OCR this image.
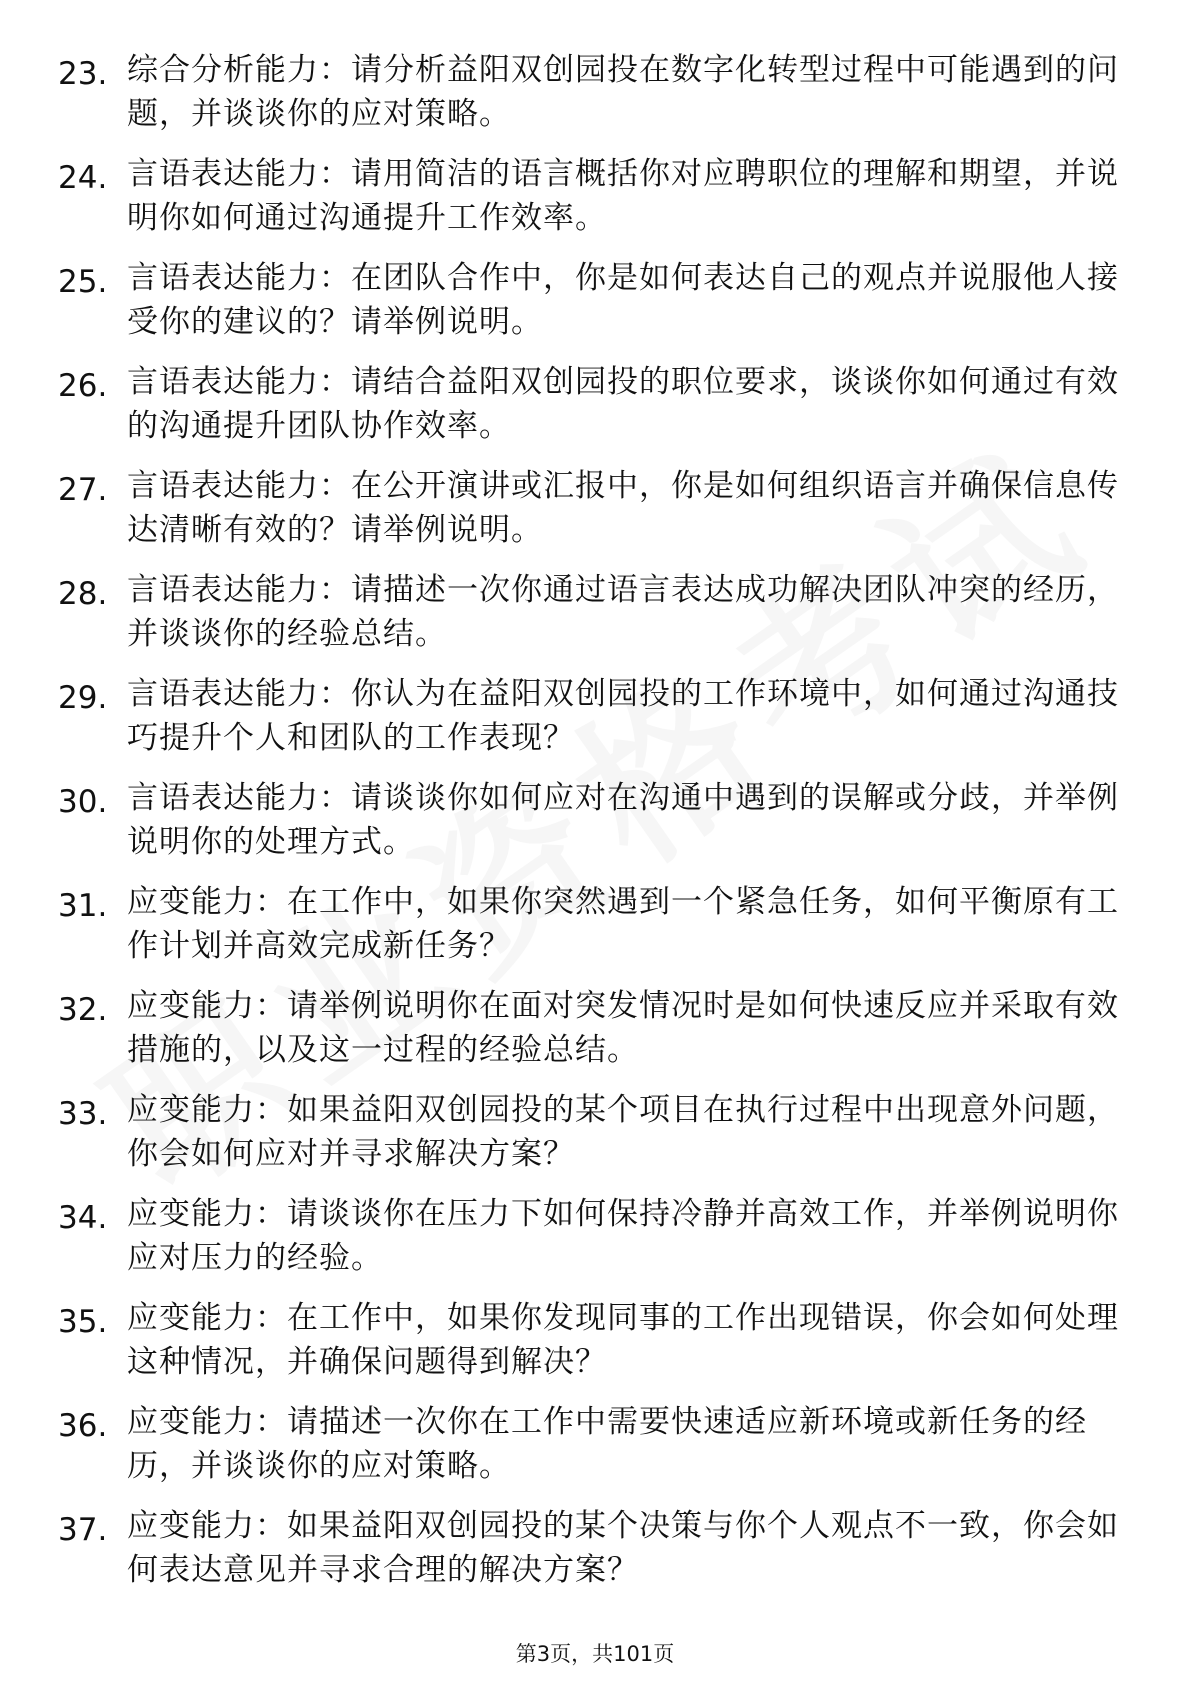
23. 综合分析能力：请分析益阳双创园投在数字化转型过程中可能遇到的问题，并谈谈你的应对策略。
24. 言语表达能力：请用简洁的语言概括你对应聘职位的理解和期望，并说明你如何通过沟通提升工作效率。
25. 言语表达能力：在团队合作中，你是如何表达自己的观点并说服他人接受你的建议的？请举例说明。
26. 言语表达能力：请结合益阳双创园投的职位要求，谈谈你如何通过有效的沟通提升团队协作效率。
27. 言语表达能力：在公开演讲或汇报中，你是如何组织语言并确保信息传达清晰有效的？请举例说明。
28. 言语表达能力：请描述一次你通过语言表达成功解决团队冲突的经历，并谈谈你的经验总结。
29. 言语表达能力：你认为在益阳双创园投的工作环境中，如何通过沟通技巧提升个人和团队的工作表现？
30. 言语表达能力：请谈谈你如何应对在沟通中遇到的误解或分歧，并举例说明你的处理方式。
31. 应变能力：在工作中，如果你突然遇到一个紧急任务，如何平衡原有工作计划并高效完成新任务？
32. 应变能力：请举例说明你在面对突发情况时是如何快速反应并采取有效措施的，以及这一过程的经验总结。
33. 应变能力：如果益阳双创园投的某个项目在执行过程中出现意外问题，你会如何应对并寻求解决方案？
34. 应变能力：请谈谈你在压力下如何保持冷静并高效工作，并举例说明你应对压力的经验。
35. 应变能力：在工作中，如果你发现同事的工作出现错误，你会如何处理这种情况，并确保问题得到解决？
36. 应变能力：请描述一次你在工作中需要快速适应新环境或新任务的经历，并谈谈你的应对策略。
37. 应变能力：如果益阳双创园投的某个决策与你个人观点不一致，你会如何表达意见并寻求合理的解决方案？
第3页，共101页
